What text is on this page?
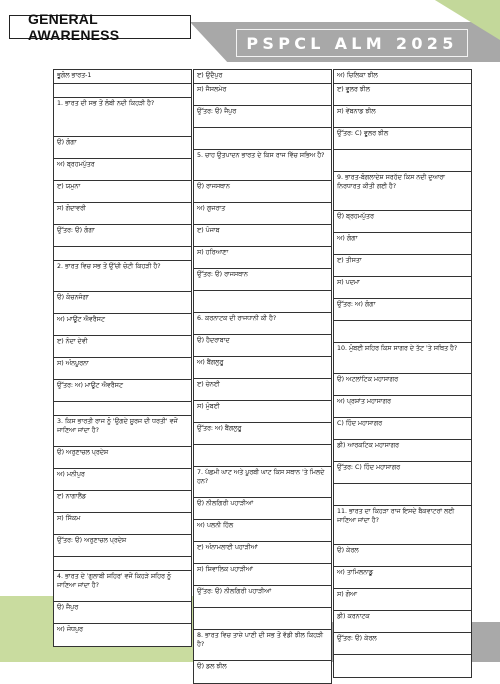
GENERAL AWARENESS	PSPCL ALM 2025
ਭੂਗੋਲ ਭਾਰਤ-1
1. ਭਾਰਤ ਦੀ ਸਭ ਤੋਂ ਲੰਬੀ ਨਦੀ ਕਿਹੜੀ ਹੈ?
ੳ) ਗੰਗਾ
ਅ) ਬ੍ਰਹਮਪੁੱਤਰ
ੲ) ਯਮੁਨਾ
ਸ) ਗੋਦਾਵਰੀ
ਉੱਤਰ: ੳ) ਗੰਗਾ
2. ਭਾਰਤ ਵਿਚ ਸਭ ਤੋਂ ਉੱਚੀ ਚੋਟੀ ਕਿਹੜੀ ਹੈ?
ੳ) ਕੰਚਨਜੰਗਾ
ਅ) ਮਾਊਂਟ ਐਵਰੈਸਟ
ੲ) ਨੰਦਾ ਦੇਵੀ
ਸ) ਅੰਨਪੂਰਨਾ
ਉੱਤਰ: ਅ) ਮਾਊਂਟ ਐਵਰੈਸਟ
3. ਕਿਸ ਭਾਰਤੀ ਰਾਜ ਨੂੰ 'ਉਗਦੇ ਸੂਰਜ ਦੀ ਧਰਤੀ' ਵਜੋਂ ਜਾਣਿਆ ਜਾਂਦਾ ਹੈ?
ੳ) ਅਰੁਣਾਚਲ ਪ੍ਰਦੇਸ਼
ਅ) ਮਨੀਪੁਰ
ੲ) ਨਾਗਾਲੈਂਡ
ਸ) ਸਿੱਕਮ
ਉੱਤਰ: ੳ) ਅਰੁਣਾਚਲ ਪ੍ਰਦੇਸ਼
4. ਭਾਰਤ ਦੇ 'ਗੁਲਾਬੀ ਸ਼ਹਿਰ' ਵਜੋਂ ਕਿਹੜੇ ਸ਼ਹਿਰ ਨੂੰ ਜਾਣਿਆ ਜਾਂਦਾ ਹੈ?
ੳ) ਜੈਪੁਰ
ਅ) ਜੋਧਪੁਰ
ੲ) ਉਦੈਪੁਰ
ਸ) ਜੈਸਲਮੇਰ
ਉੱਤਰ: ੳ) ਜੈਪੁਰ
5. ਚਾਹ ਉਤਪਾਦਨ ਭਾਰਤ ਦੇ ਕਿਸ ਰਾਜ ਵਿੱਚ ਸਭਿਅ ਹੈ?
ੳ) ਰਾਜਸਥਾਨ
ਅ) ਗੁਜਰਾਤ
ੲ) ਪੰਜਾਬ
ਸ) ਹਰਿਆਣਾ
ਉੱਤਰ: ੳ) ਰਾਜਸਥਾਨ
6. ਕਰਨਾਟਕ ਦੀ ਰਾਜਧਾਨੀ ਕੀ ਹੈ?
ੳ) ਹੈਦਰਾਬਾਦ
ਅ) ਬੈਂਗਲੁਰੂ
ੲ) ਚੇਨਈ
ਸ) ਮੁੰਬਈ
ਉੱਤਰ: ਅ) ਬੈਂਗਲੁਰੂ
7. ਪੱਛਮੀ ਘਾਟ ਅਤੇ ਪੂਰਬੀ ਘਾਟ ਕਿਸ ਸਥਾਨ 'ਤੇ ਮਿਲਦੇ ਹਨ?
ੳ) ਨੀਲਗਿਰੀ ਪਹਾੜੀਆਂ
ਅ) ਪਲਨੀ ਹਿੱਲ
ੲ) ਅੰਨਾਮਲਾਈ ਪਹਾੜੀਆਂ
ਸ) ਸ਼ਿਵਾਲਿਕ ਪਹਾੜੀਆਂ
ਉੱਤਰ: ੳ) ਨੀਲਗਿਰੀ ਪਹਾੜੀਆਂ
8. ਭਾਰਤ ਵਿਚ ਤਾਜ਼ੇ ਪਾਣੀ ਦੀ ਸਭ ਤੋਂ ਵੱਡੀ ਝੀਲ ਕਿਹੜੀ ਹੈ?
ੳ) ਡਲ ਝੀਲ
ਅ) ਚਿਲਿਕਾ ਝੀਲ
ੲ) ਵੂਲਰ ਝੀਲ
ਸ) ਵੇਂਬਨਾਡ ਝੀਲ
ਉੱਤਰ: C) ਵੂਲਰ ਝੀਲ
9. ਭਾਰਤ-ਬੰਗਲਾਦੇਸ਼ ਸਰਹੱਦ ਕਿਸ ਨਦੀ ਦੁਆਰਾ ਨਿਰਧਾਰਤ ਕੀਤੀ ਗਈ ਹੈ?
ੳ) ਬ੍ਰਹਮਪੁੱਤਰ
ਅ) ਗੰਗਾ
ੲ) ਤੀਸਤਾ
ਸ) ਪਦਮਾ
ਉੱਤਰ: ਅ) ਗੰਗਾ
10. ਮੁੰਬਈ ਸ਼ਹਿਰ ਕਿਸ ਸਾਗਰ ਦੇ ਤੱਟ 'ਤੇ ਸਥਿਤ ਹੈ?
ੳ) ਅਟਲਾਂਟਿਕ ਮਹਾਸਾਗਰ
ਅ) ਪ੍ਰਸ਼ਾਂਤ ਮਹਾਸਾਗਰ
C) ਹਿੰਦ ਮਹਾਸਾਗਰ
ਡੀ) ਆਰਕਟਿਕ ਮਹਾਸਾਗਰ
ਉੱਤਰ: C) ਹਿੰਦ ਮਹਾਸਾਗਰ
11. ਭਾਰਤ ਦਾ ਕਿਹੜਾ ਰਾਜ ਇਸਦੇ ਬੈਕਵਾਟਰਾਂ ਲਈ ਜਾਣਿਆ ਜਾਂਦਾ ਹੈ?
ੳ) ਕੇਰਲ
ਅ) ਤਾਮਿਲਨਾਡੂ
ਸ) ਗੋਆ
ਡੀ) ਕਰਨਾਟਕ
ਉੱਤਰ: ੳ) ਕੇਰਲ
